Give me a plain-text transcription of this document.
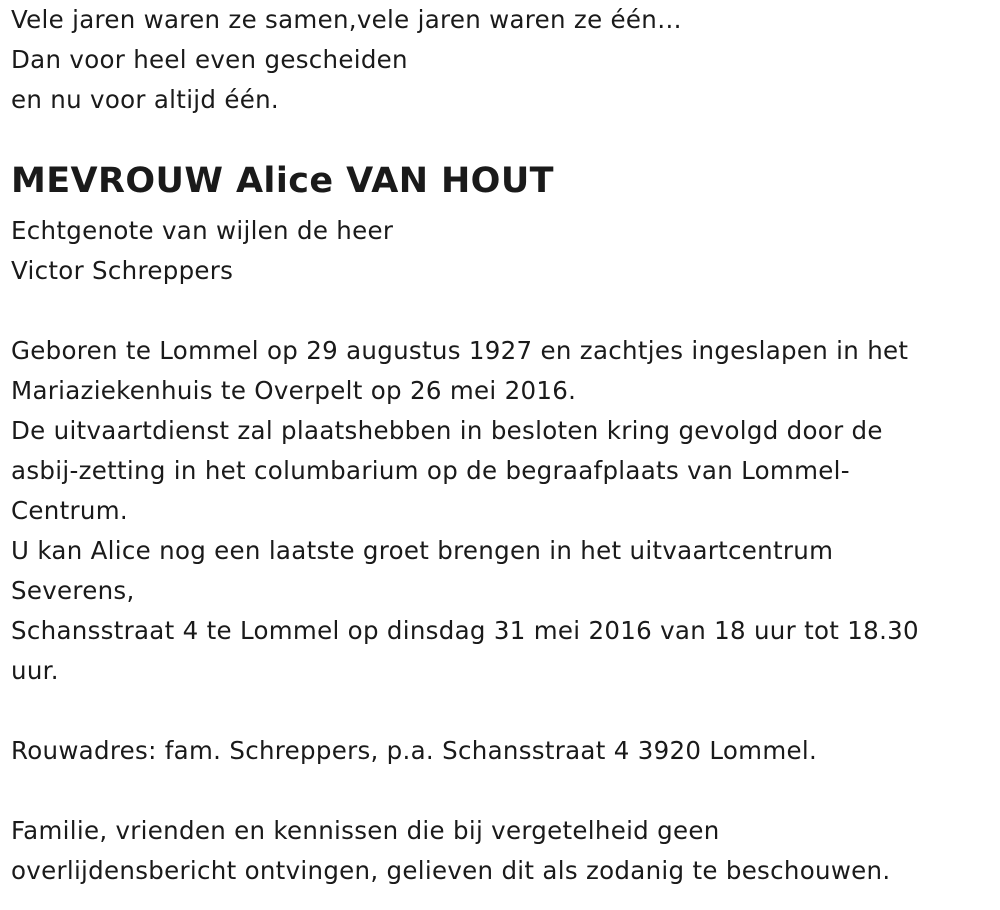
Vele jaren waren ze samen,vele jaren waren ze één…
Dan voor heel even gescheiden
en nu voor altijd één.
MEVROUW Alice VAN HOUT
Echtgenote van wijlen de heer
Victor Schreppers
Geboren te Lommel op 29 augustus 1927 en zachtjes ingeslapen in het
Mariaziekenhuis te Overpelt op 26 mei 2016.
De uitvaartdienst zal plaatshebben in besloten kring gevolgd door de
asbij-zetting in het columbarium op de begraafplaats van Lommel-
Centrum.
U kan Alice nog een laatste groet brengen in het uitvaartcentrum
Severens,
Schansstraat 4 te Lommel op dinsdag 31 mei 2016 van 18 uur tot 18.30
uur.
Rouwadres: fam. Schreppers, p.a. Schansstraat 4 3920 Lommel.
Familie, vrienden en kennissen die bij vergetelheid geen
overlijdensbericht ontvingen, gelieven dit als zodanig te beschouwen.
